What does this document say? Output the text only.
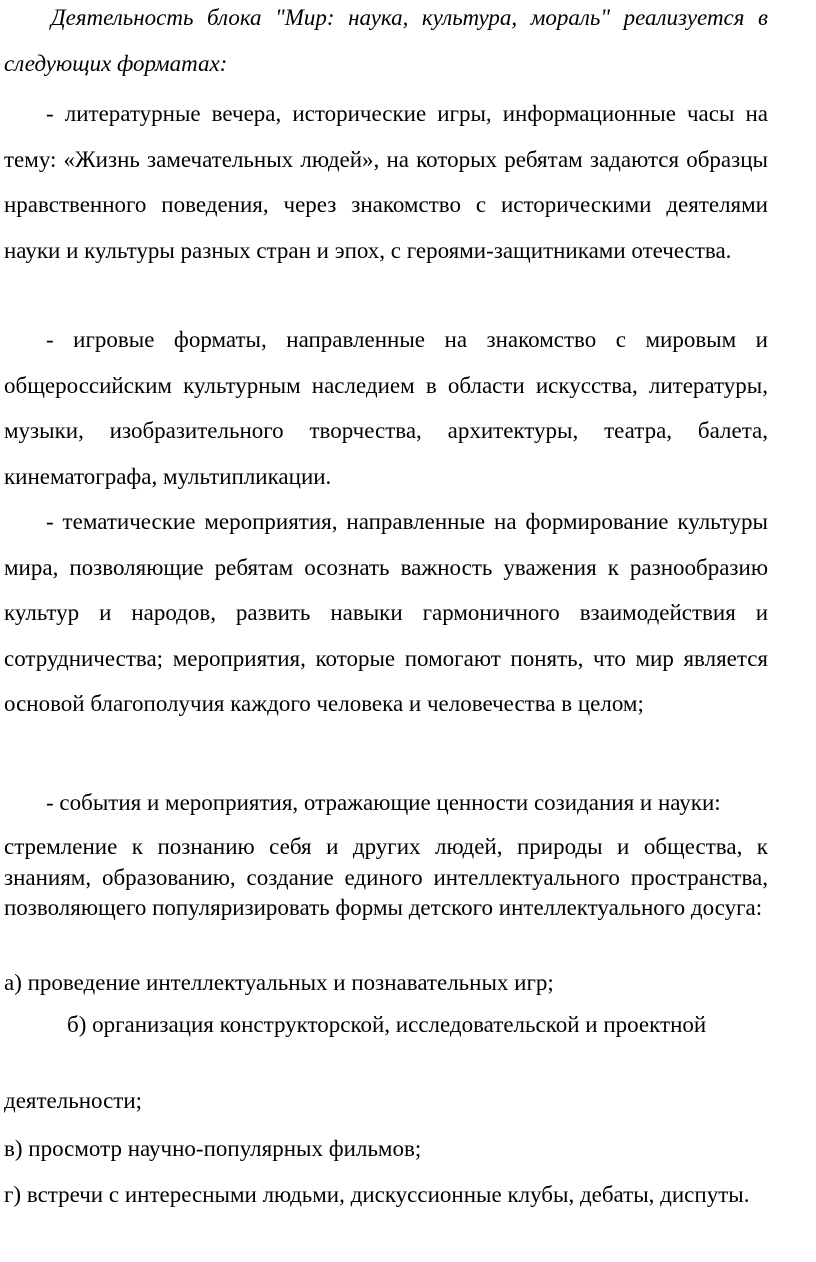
Деятельность блока "Мир: наука, культура, мораль" реализуется в следующих форматах:

- литературные вечера, исторические игры, информационные часы на тему: «Жизнь замечательных людей», на которых ребятам задаются образцы нравственного поведения, через знакомство с историческими деятелями науки и культуры разных стран и эпох, с героями-защитниками отечества.

- игровые форматы, направленные на знакомство с мировым и общероссийским культурным наследием в области искусства, литературы, музыки, изобразительного творчества, архитектуры, театра, балета, кинематографа, мультипликации.

- тематические мероприятия, направленные на формирование культуры мира, позволяющие ребятам осознать важность уважения к разнообразию культур и народов, развить навыки гармоничного взаимодействия и сотрудничества; мероприятия, которые помогают понять, что мир является основой благополучия каждого человека и человечества в целом;

- события и мероприятия, отражающие ценности созидания и науки:

стремление к познанию себя и других людей, природы и общества, к знаниям, образованию, создание единого интеллектуального пространства, позволяющего популяризировать формы детского интеллектуального досуга:

а) проведение интеллектуальных и познавательных игр;

б) организация конструкторской, исследовательской и проектной

деятельности;

в) просмотр научно-популярных фильмов;

г) встречи с интересными людьми, дискуссионные клубы, дебаты, диспуты.
